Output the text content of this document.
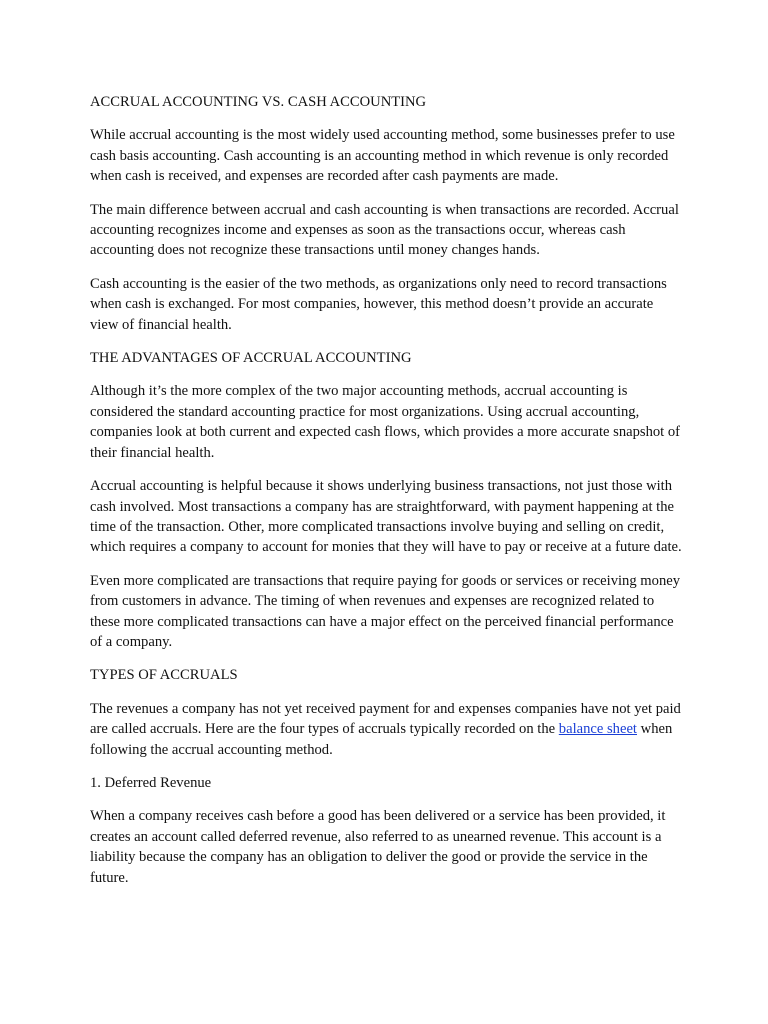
ACCRUAL ACCOUNTING VS. CASH ACCOUNTING

While accrual accounting is the most widely used accounting method, some businesses prefer to use cash basis accounting. Cash accounting is an accounting method in which revenue is only recorded when cash is received, and expenses are recorded after cash payments are made.

The main difference between accrual and cash accounting is when transactions are recorded. Accrual accounting recognizes income and expenses as soon as the transactions occur, whereas cash accounting does not recognize these transactions until money changes hands.

Cash accounting is the easier of the two methods, as organizations only need to record transactions when cash is exchanged. For most companies, however, this method doesn’t provide an accurate view of financial health.

THE ADVANTAGES OF ACCRUAL ACCOUNTING

Although it’s the more complex of the two major accounting methods, accrual accounting is considered the standard accounting practice for most organizations. Using accrual accounting, companies look at both current and expected cash flows, which provides a more accurate snapshot of their financial health.

Accrual accounting is helpful because it shows underlying business transactions, not just those with cash involved. Most transactions a company has are straightforward, with payment happening at the time of the transaction. Other, more complicated transactions involve buying and selling on credit, which requires a company to account for monies that they will have to pay or receive at a future date.

Even more complicated are transactions that require paying for goods or services or receiving money from customers in advance. The timing of when revenues and expenses are recognized related to these more complicated transactions can have a major effect on the perceived financial performance of a company.

TYPES OF ACCRUALS

The revenues a company has not yet received payment for and expenses companies have not yet paid are called accruals. Here are the four types of accruals typically recorded on the balance sheet when following the accrual accounting method.

1. Deferred Revenue

When a company receives cash before a good has been delivered or a service has been provided, it creates an account called deferred revenue, also referred to as unearned revenue. This account is a liability because the company has an obligation to deliver the good or provide the service in the future.
